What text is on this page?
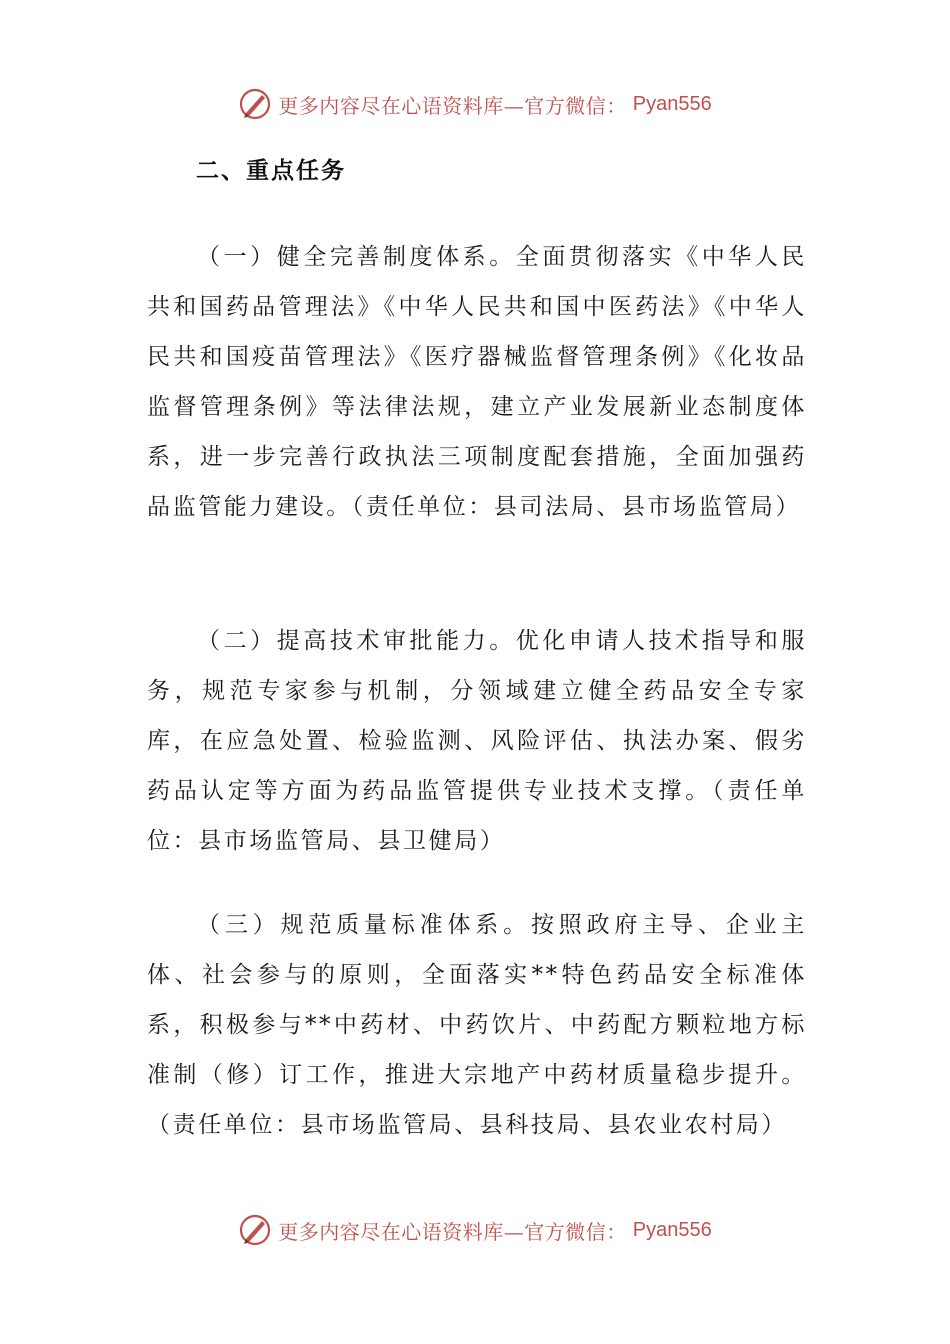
更多内容尽在心语资料库—官方微信： Pyan556
二、重点任务

（一）健全完善制度体系。全面贯彻落实《中华人民共和国药品管理法》《中华人民共和国中医药法》《中华人民共和国疫苗管理法》《医疗器械监督管理条例》《化妆品监督管理条例》等法律法规，建立产业发展新业态制度体系，进一步完善行政执法三项制度配套措施，全面加强药品监管能力建设。（责任单位：县司法局、县市场监管局）

（二）提高技术审批能力。优化申请人技术指导和服务，规范专家参与机制，分领域建立健全药品安全专家库，在应急处置、检验监测、风险评估、执法办案、假劣药品认定等方面为药品监管提供专业技术支撑。（责任单位：县市场监管局、县卫健局）

（三）规范质量标准体系。按照政府主导、企业主体、社会参与的原则，全面落实**特色药品安全标准体系，积极参与**中药材、中药饮片、中药配方颗粒地方标准制（修）订工作，推进大宗地产中药材质量稳步提升。（责任单位：县市场监管局、县科技局、县农业农村局）

更多内容尽在心语资料库—官方微信： Pyan556
